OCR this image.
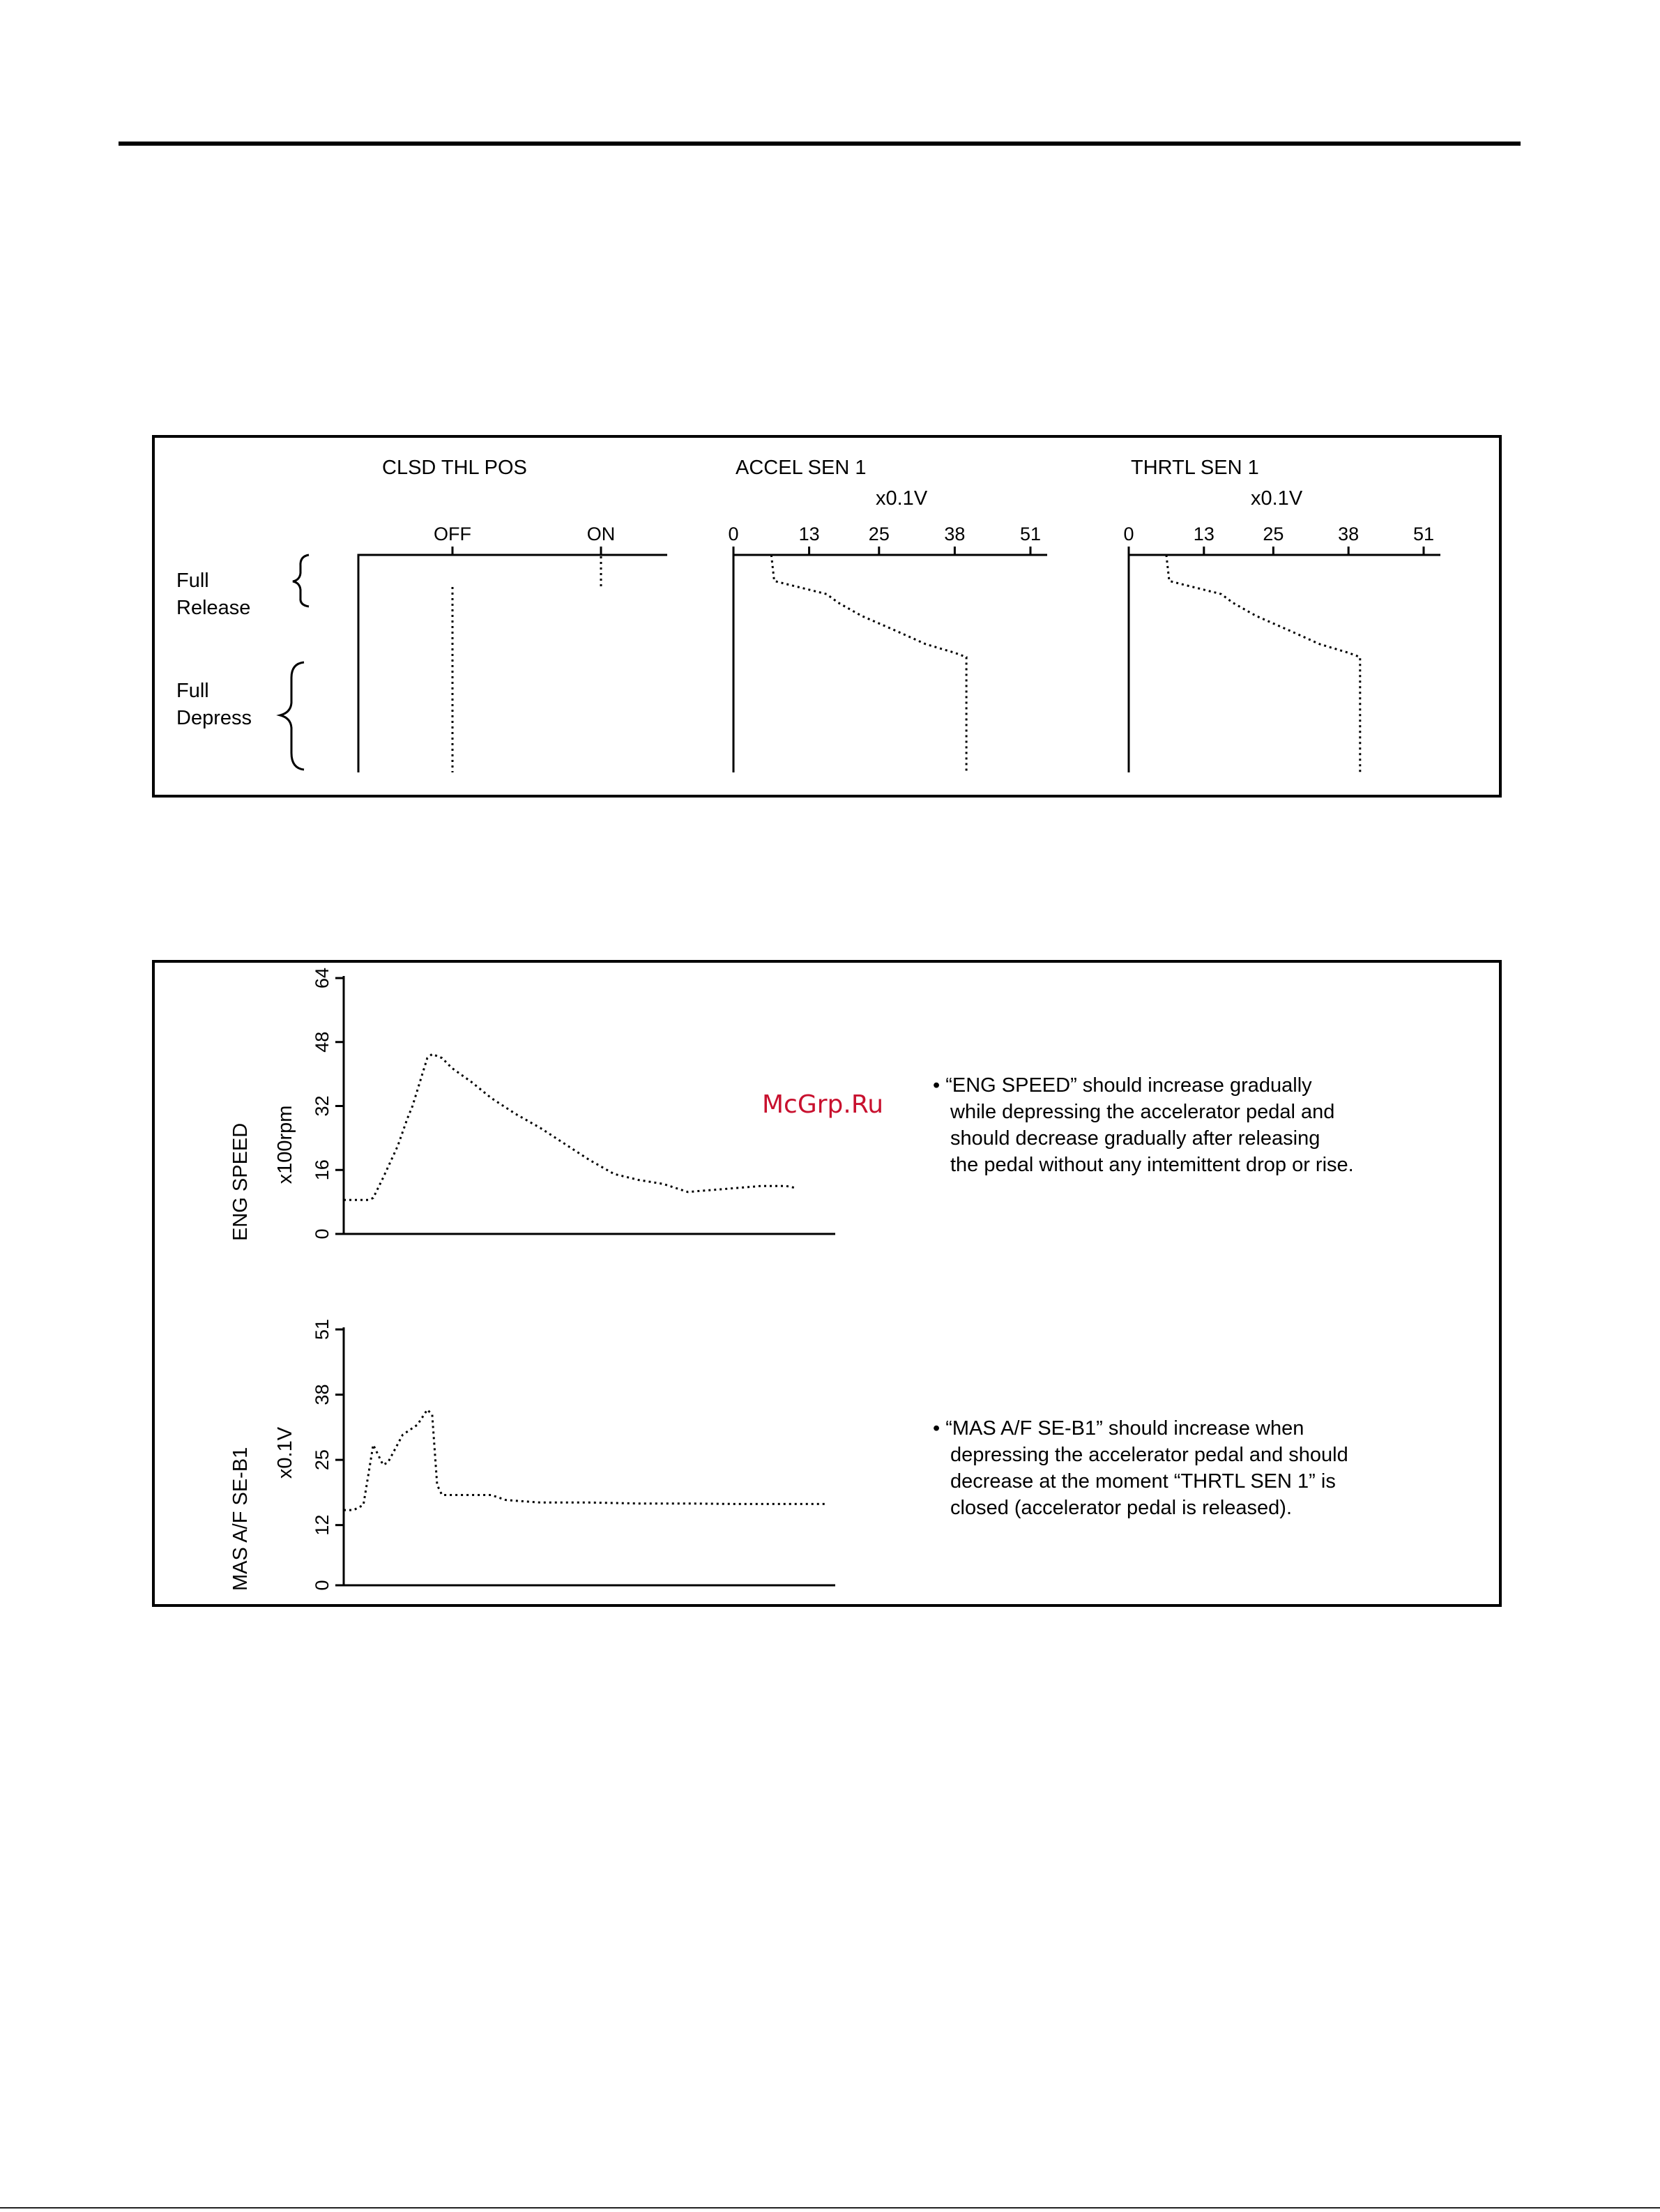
CLSD THL POS	ACCEL SEN 1
x0.1V
THRTL SEN 1
x0.1V
Full
Release
Full
Depress
OFF	ON	0	13	25	38	51	0	13	25	38	51
McGrp.Ru
ENG SPEED x100rpm
0
16
32
48
64
MAS A/F SE-B1 x0.1V
0
12
25
38
51
• “ENG SPEED” should increase gradually
while depressing the accelerator pedal and
should decrease gradually after releasing
the pedal without any intemittent drop or rise.
• “MAS A/F SE-B1” should increase when
depressing the accelerator pedal and should
decrease at the moment “THRTL SEN 1” is
closed (accelerator pedal is released).
